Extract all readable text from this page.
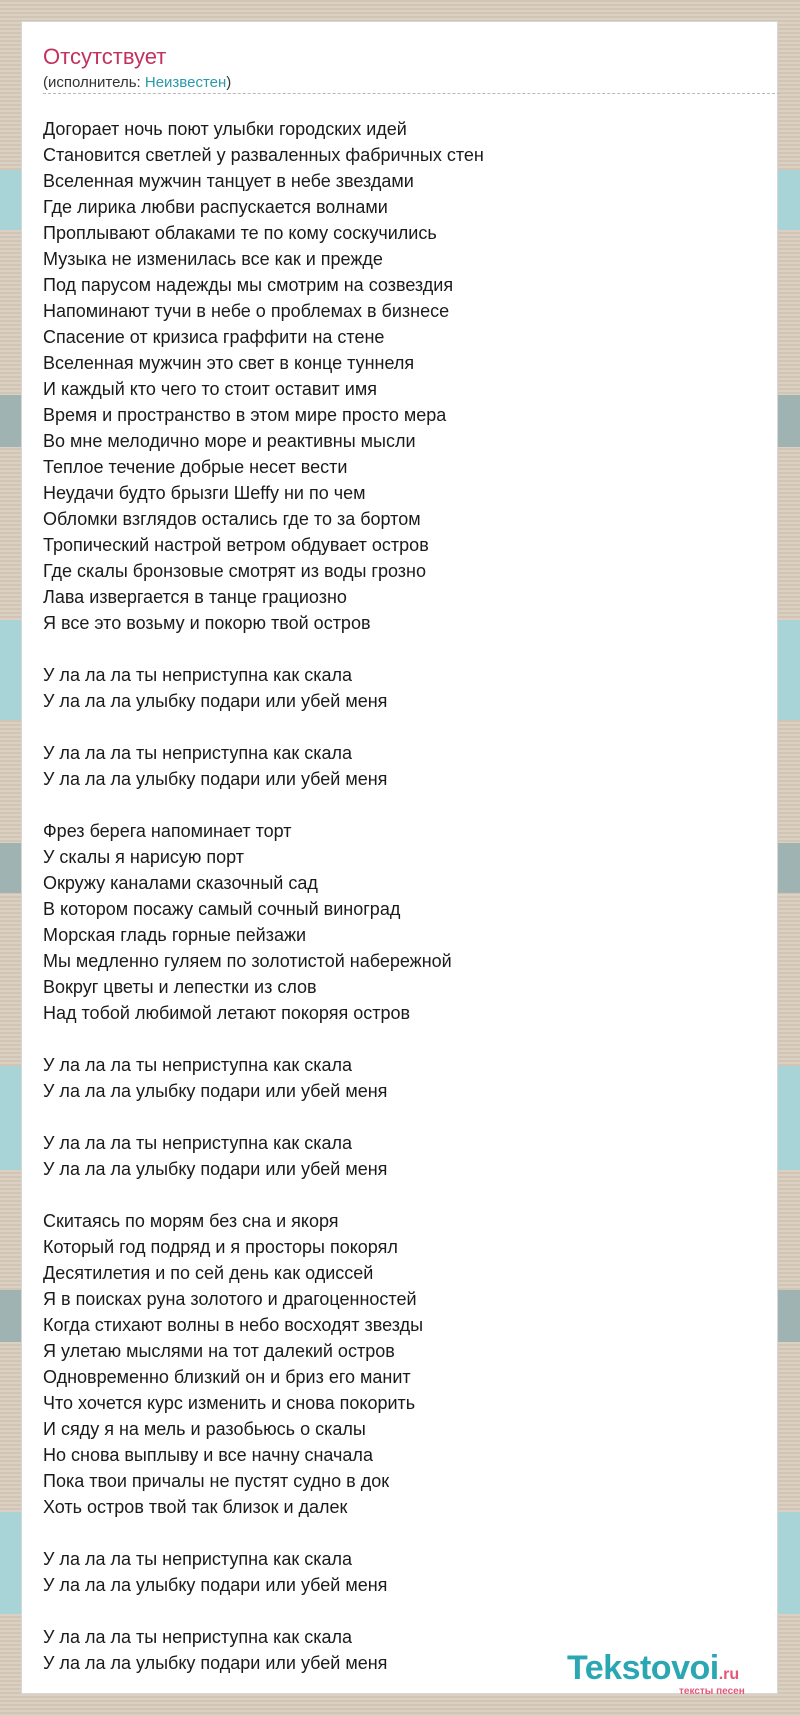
Отсутствует
(исполнитель: Неизвестен)
Догорает ночь поют улыбки городских идей
Становится светлей у разваленных фабричных стен
Вселенная мужчин танцует в небе звездами
Где лирика любви распускается волнами
Проплывают облаками те по кому соскучились
Музыка не изменилась все как и прежде
Под парусом надежды мы смотрим на созвездия
Напоминают тучи в небе о проблемах в бизнесе
Спасение от кризиса граффити на стене
Вселенная мужчин это свет в конце туннеля
И каждый кто чего то стоит оставит имя
Время и пространство в этом мире просто мера
Во мне мелодично море и реактивны мысли
Теплое течение добрые несет вести
Неудачи будто брызги Шeffy ни по чем
Обломки взглядов остались где то за бортом
Тропический настрой ветром обдувает остров
Где скалы бронзовые смотрят из воды грозно
Лава извергается в танце грациозно
Я все это возьму и покорю твой остров
У ла ла ла ты неприступна как скала
У ла ла ла улыбку подари или убей меня
У ла ла ла ты неприступна как скала
У ла ла ла улыбку подари или убей меня
Фрез берега напоминает торт
У скалы я нарисую порт
Окружу каналами сказочный сад
В котором посажу самый сочный виноград
Морская гладь горные пейзажи
Мы медленно гуляем по золотистой набережной
Вокруг цветы и лепестки из слов
Над тобой любимой летают покоряя остров
У ла ла ла ты неприступна как скала
У ла ла ла улыбку подари или убей меня
У ла ла ла ты неприступна как скала
У ла ла ла улыбку подари или убей меня
Скитаясь по морям без сна и якоря
Который год подряд и я просторы покорял
Десятилетия и по сей день как одиссей
Я в поисках руна золотого и драгоценностей
Когда стихают волны в небо восходят звезды
Я улетаю мыслями на тот далекий остров
Одновременно близкий он и бриз его манит
Что хочется курс изменить и снова покорить
И сяду я на мель и разобьюсь о скалы
Но снова выплыву и все начну сначала
Пока твои причалы не пустят судно в док
Хоть остров твой так близок и далек
У ла ла ла ты неприступна как скала
У ла ла ла улыбку подари или убей меня
У ла ла ла ты неприступна как скала
У ла ла ла улыбку подари или убей меня	Tekstovoi.ru
тексты песен
